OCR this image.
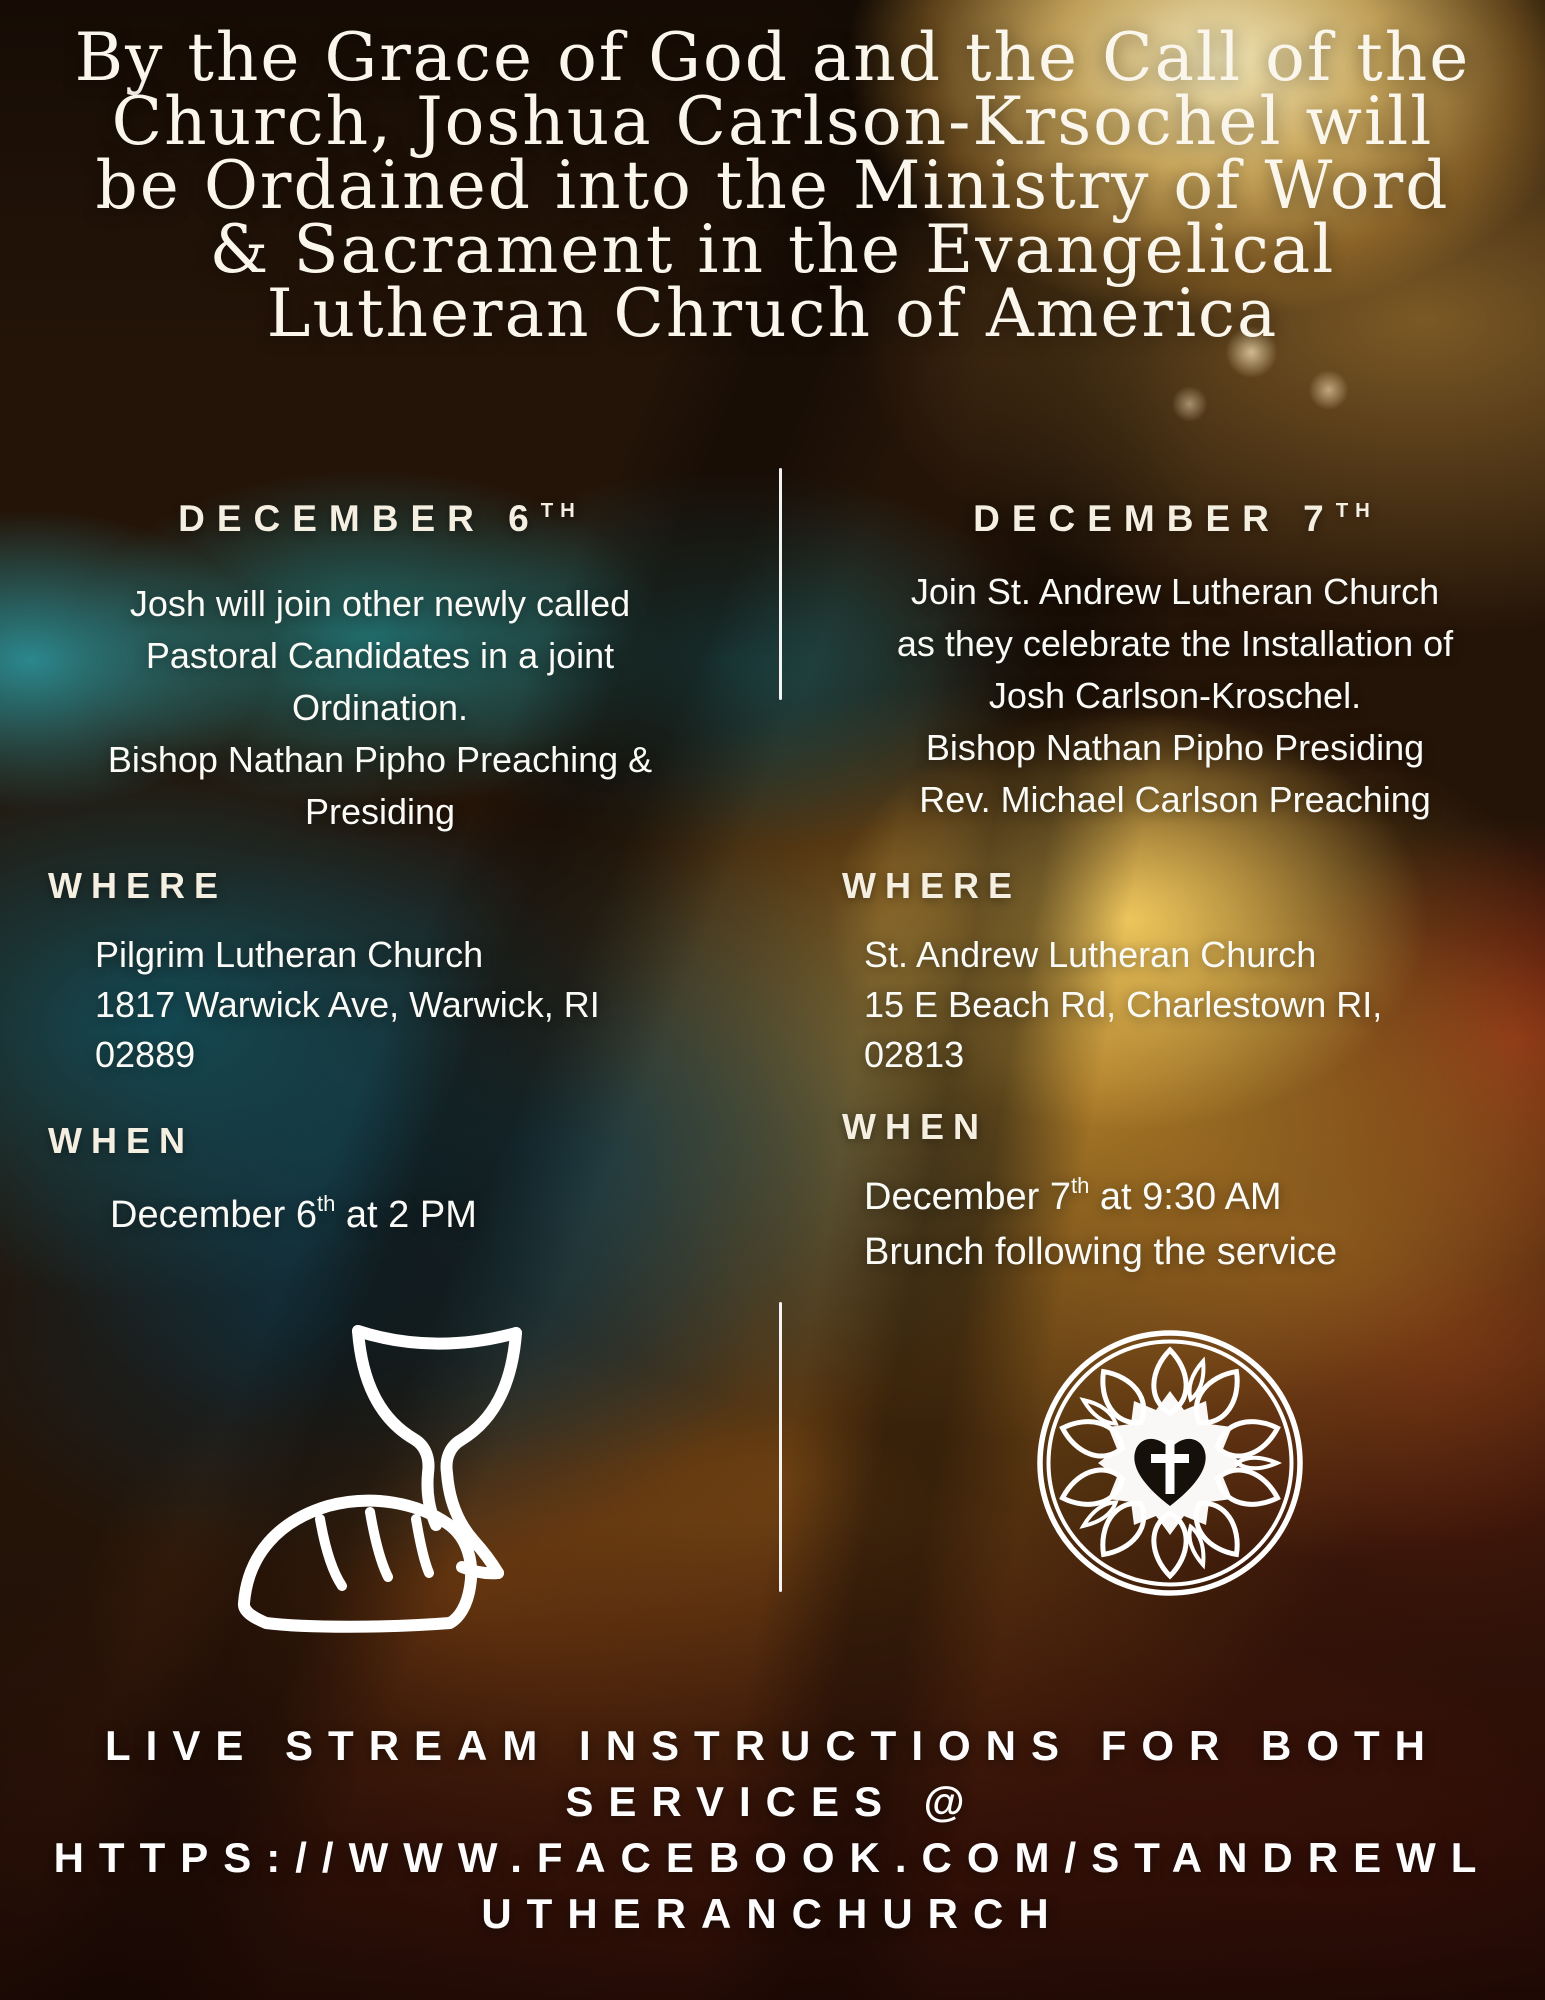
By the Grace of God and the Call of the
Church, Joshua Carlson-Krsochel will
be Ordained into the Ministry of Word
& Sacrament in the Evangelical
Lutheran Chruch of America
DECEMBER 6TH	DECEMBER 7TH
Josh will join other newly called
Pastoral Candidates in a joint
Ordination.
Bishop Nathan Pipho Preaching &
Presiding
Join St. Andrew Lutheran Church
as they celebrate the Installation of
Josh Carlson-Kroschel.
Bishop Nathan Pipho Presiding
Rev. Michael Carlson Preaching
WHERE
Pilgrim Lutheran Church
1817 Warwick Ave, Warwick, RI
02889
WHERE
St. Andrew Lutheran Church
15 E Beach Rd, Charlestown RI,
02813
WHEN
December 6th at 2 PM
WHEN
December 7th at 9:30 AM
Brunch following the service
LIVE STREAM INSTRUCTIONS FOR BOTH
SERVICES @
HTTPS://WWW.FACEBOOK.COM/STANDREWL
UTHERANCHURCH
